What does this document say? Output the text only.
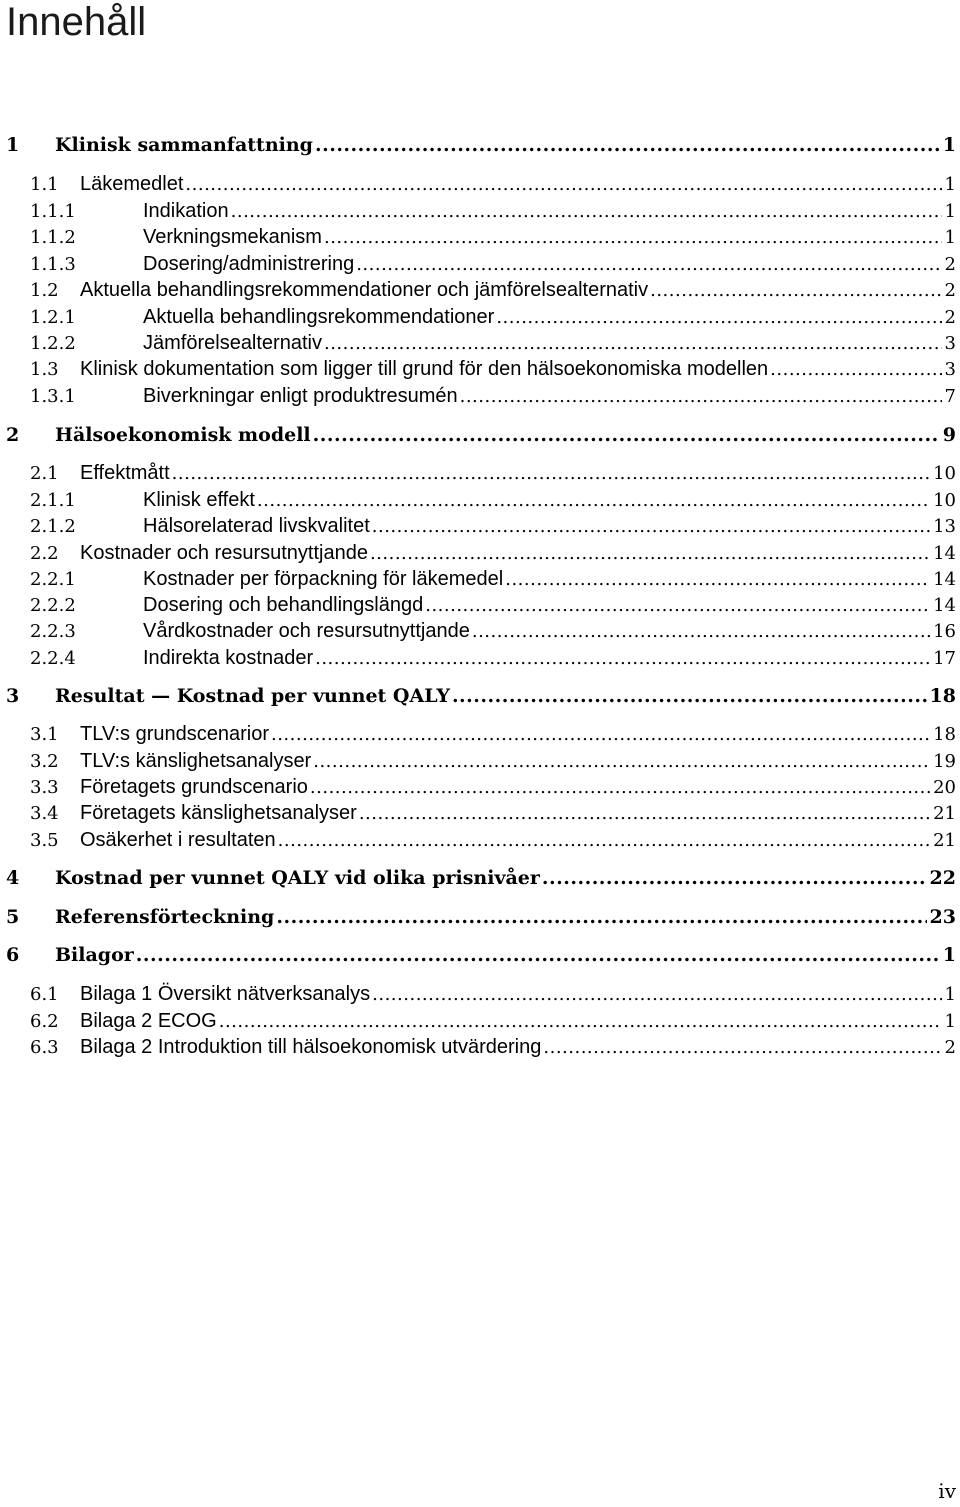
Innehåll
1	Klinisk sammanfattning .....	1
1.1	Läkemedlet .....	1
1.1.1	Indikation .....	1
1.1.2	Verkningsmekanism .....	1
1.1.3	Dosering/administrering .....	2
1.2	Aktuella behandlingsrekommendationer och jämförelsealternativ .....	2
1.2.1	Aktuella behandlingsrekommendationer .....	2
1.2.2	Jämförelsealternativ .....	3
1.3	Klinisk dokumentation som ligger till grund för den hälsoekonomiska modellen .....	3
1.3.1	Biverkningar enligt produktresumén .....	7
2	Hälsoekonomisk modell .....	9
2.1	Effektmått .....	10
2.1.1	Klinisk effekt .....	10
2.1.2	Hälsorelaterad livskvalitet .....	13
2.2	Kostnader och resursutnyttjande .....	14
2.2.1	Kostnader per förpackning för läkemedel .....	14
2.2.2	Dosering och behandlingslängd .....	14
2.2.3	Vårdkostnader och resursutnyttjande .....	16
2.2.4	Indirekta kostnader .....	17
3	Resultat — Kostnad per vunnet QALY .....	18
3.1	TLV:s grundscenarior .....	18
3.2	TLV:s känslighetsanalyser .....	19
3.3	Företagets grundscenario .....	20
3.4	Företagets känslighetsanalyser .....	21
3.5	Osäkerhet i resultaten .....	21
4	Kostnad per vunnet QALY vid olika prisnivåer .....	22
5	Referensförteckning .....	23
6	Bilagor .....	1
6.1	Bilaga 1 Översikt nätverksanalys .....	1
6.2	Bilaga 2 ECOG .....	1
6.3	Bilaga 2 Introduktion till hälsoekonomisk utvärdering .....	2
iv
